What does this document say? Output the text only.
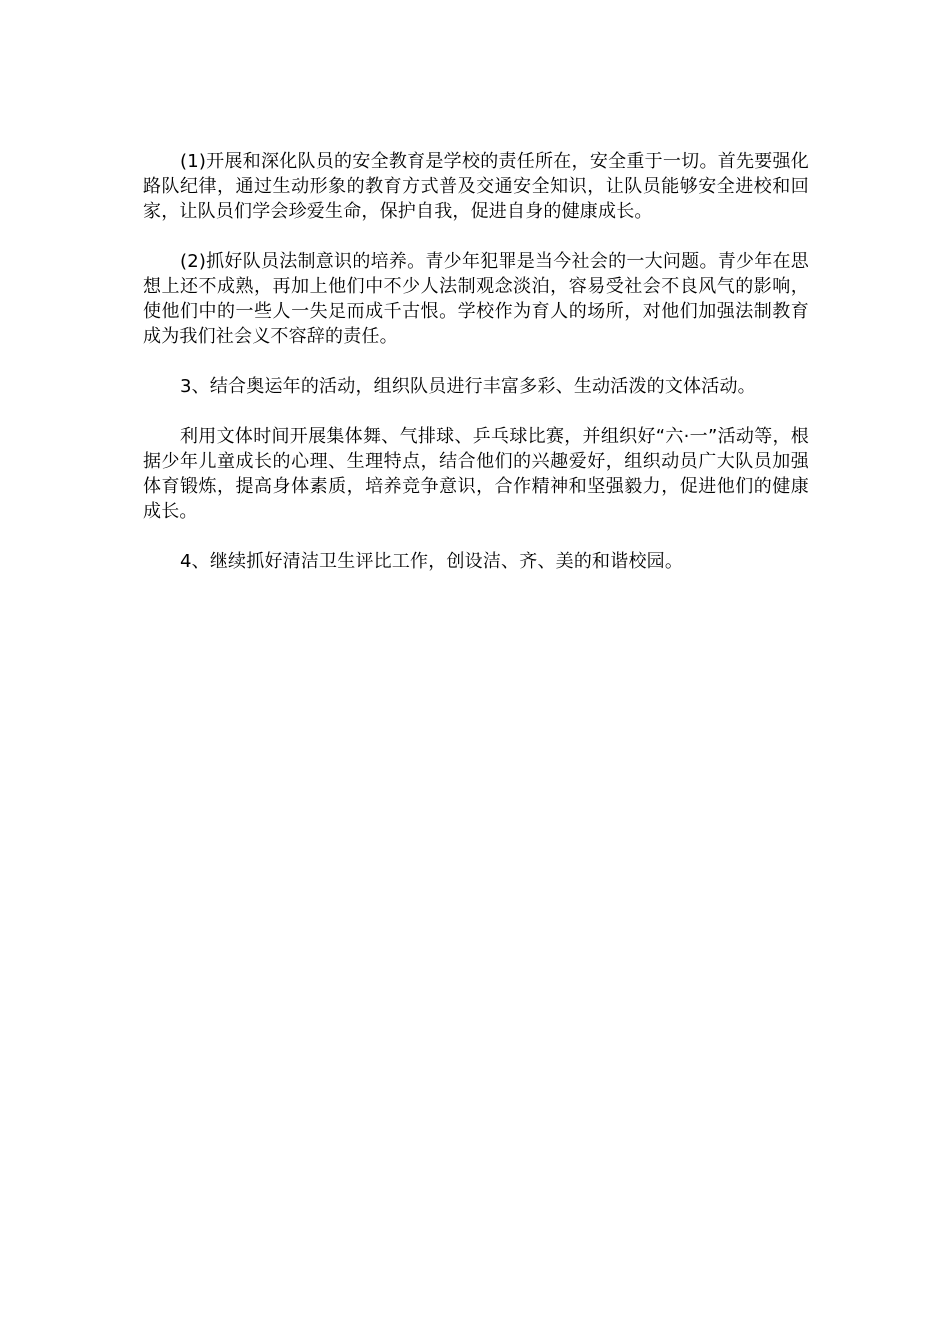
(1)开展和深化队员的安全教育是学校的责任所在，安全重于一切。首先要强化路队纪律，通过生动形象的教育方式普及交通安全知识，让队员能够安全进校和回家，让队员们学会珍爱生命，保护自我，促进自身的健康成长。

(2)抓好队员法制意识的培养。青少年犯罪是当今社会的一大问题。青少年在思想上还不成熟，再加上他们中不少人法制观念淡泊，容易受社会不良风气的影响，使他们中的一些人一失足而成千古恨。学校作为育人的场所，对他们加强法制教育成为我们社会义不容辞的责任。

3、结合奥运年的活动，组织队员进行丰富多彩、生动活泼的文体活动。

利用文体时间开展集体舞、气排球、乒乓球比赛，并组织好“六·一”活动等，根据少年儿童成长的心理、生理特点，结合他们的兴趣爱好，组织动员广大队员加强体育锻炼，提高身体素质，培养竞争意识，合作精神和坚强毅力，促进他们的健康成长。

4、继续抓好清洁卫生评比工作，创设洁、齐、美的和谐校园。
